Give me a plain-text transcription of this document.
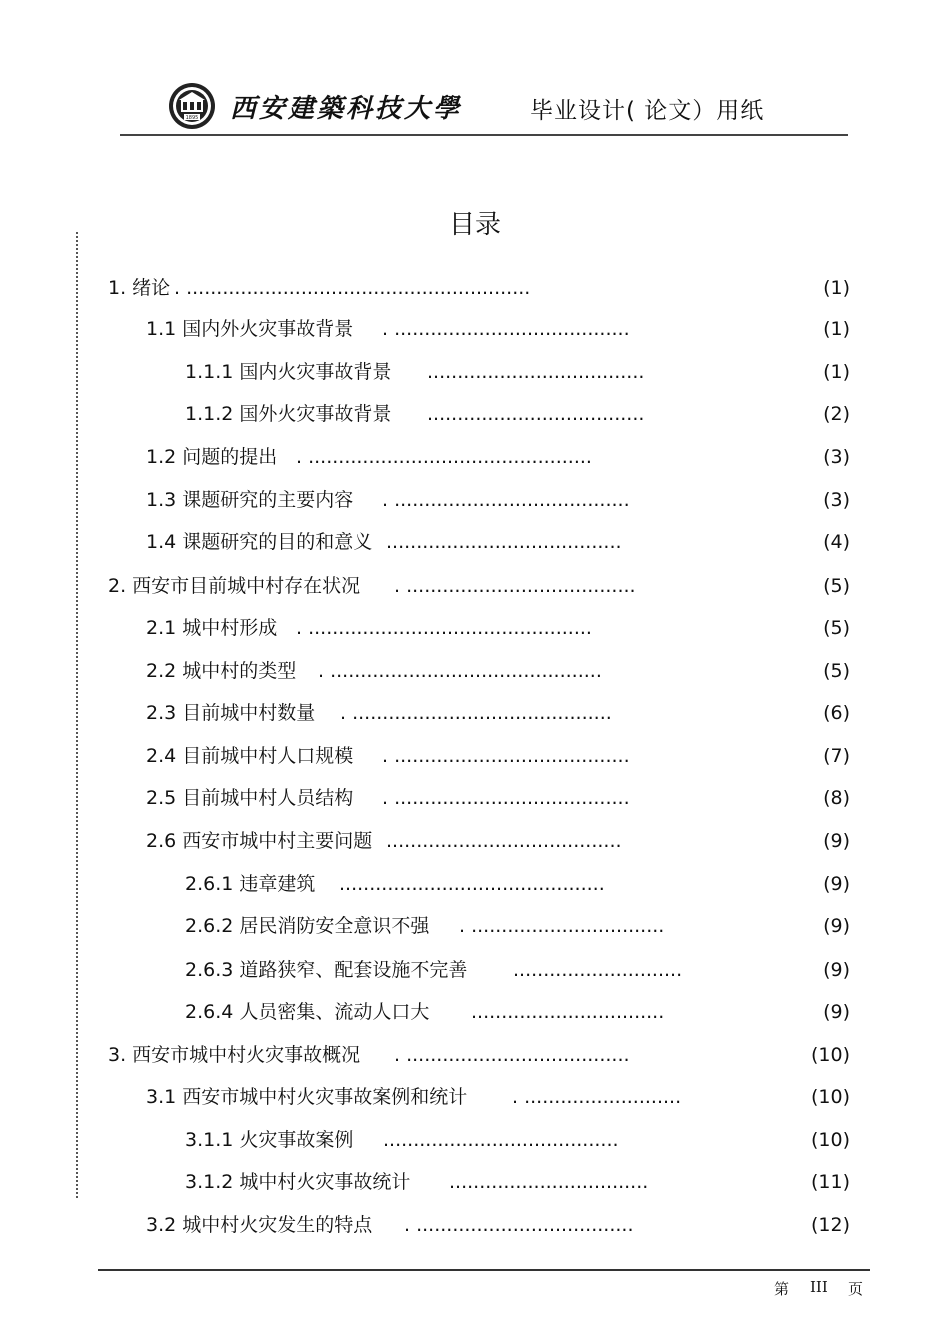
1895 西安建築科技大學	毕业设计( 论文）用纸
目录
1. 绪论 . .........................................................	(1)
1.1 国内外火灾事故背景 . .......................................	(1)
1.1.1 国内火灾事故背景 ....................................	(1)
1.1.2 国外火灾事故背景 ....................................	(2)
1.2 问题的提出 . ...............................................	(3)
1.3 课题研究的主要内容 . .......................................	(3)
1.4 课题研究的目的和意义 .......................................	(4)
2. 西安市目前城中村存在状况 . ......................................	(5)
2.1 城中村形成 . ...............................................	(5)
2.2 城中村的类型 . .............................................	(5)
2.3 目前城中村数量 . ...........................................	(6)
2.4 目前城中村人口规模 . .......................................	(7)
2.5 目前城中村人员结构 . .......................................	(8)
2.6 西安市城中村主要问题 .......................................	(9)
2.6.1 违章建筑 ............................................	(9)
2.6.2 居民消防安全意识不强 . ................................	(9)
2.6.3 道路狭窄、配套设施不完善 ............................	(9)
2.6.4 人员密集、流动人口大 ................................	(9)
3. 西安市城中村火灾事故概况 . .....................................	(10)
3.1 西安市城中村火灾事故案例和统计 . ..........................	(10)
3.1.1 火灾事故案例 .......................................	(10)
3.1.2 城中村火灾事故统计 .................................	(11)
3.2 城中村火灾发生的特点 . ....................................	(12)
第 III 页
